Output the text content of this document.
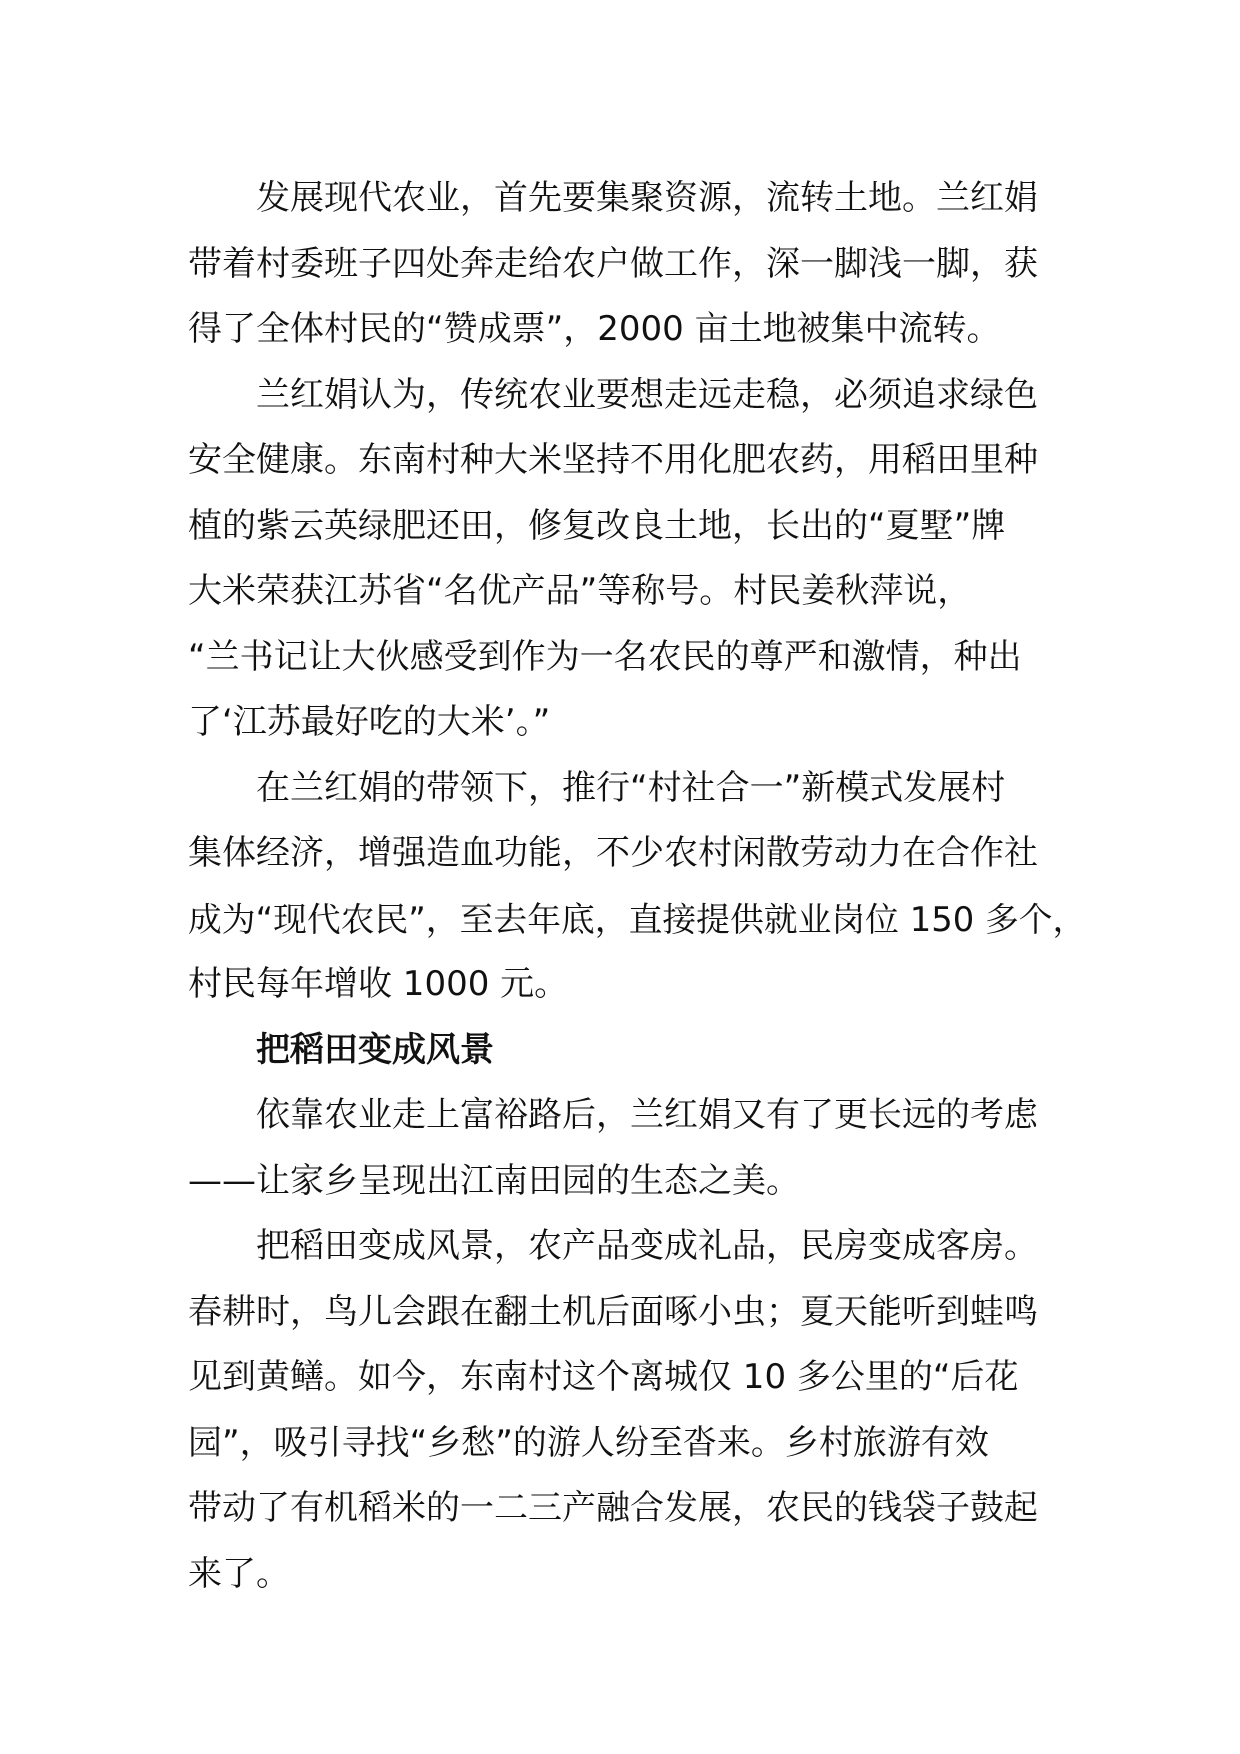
发展现代农业，首先要集聚资源，流转土地。兰红娟
带着村委班子四处奔走给农户做工作，深一脚浅一脚，获
得了全体村民的“赞成票”，2000 亩土地被集中流转。
兰红娟认为，传统农业要想走远走稳，必须追求绿色
安全健康。东南村种大米坚持不用化肥农药，用稻田里种
植的紫云英绿肥还田，修复改良土地，长出的“夏墅”牌
大米荣获江苏省“名优产品”等称号。村民姜秋萍说，
“兰书记让大伙感受到作为一名农民的尊严和激情，种出
了‘江苏最好吃的大米’。”
在兰红娟的带领下，推行“村社合一”新模式发展村
集体经济，增强造血功能，不少农村闲散劳动力在合作社
成为“现代农民”，至去年底，直接提供就业岗位 150 多个，
村民每年增收 1000 元。
把稻田变成风景
依靠农业走上富裕路后，兰红娟又有了更长远的考虑
——让家乡呈现出江南田园的生态之美。
把稻田变成风景，农产品变成礼品，民房变成客房。
春耕时，鸟儿会跟在翻土机后面啄小虫；夏天能听到蛙鸣
见到黄鳝。如今，东南村这个离城仅 10 多公里的“后花
园”，吸引寻找“乡愁”的游人纷至沓来。乡村旅游有效
带动了有机稻米的一二三产融合发展，农民的钱袋子鼓起
来了。
